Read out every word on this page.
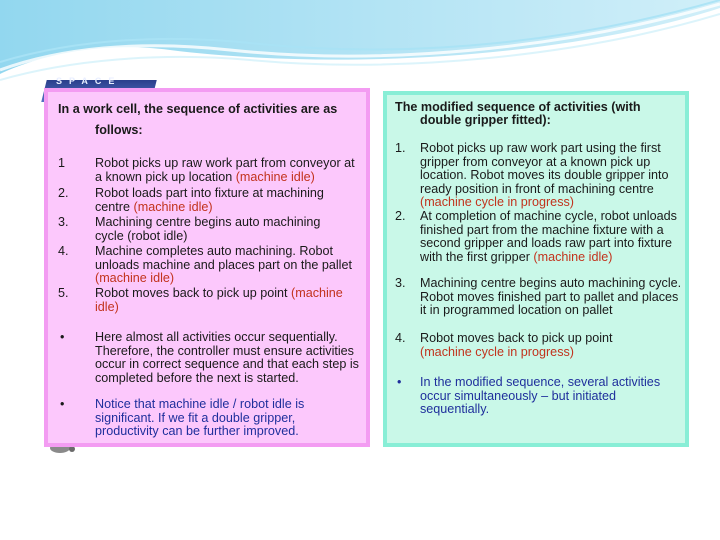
SPACE
In a work cell, the sequence of activities are as
follows:
1	Robot picks up raw work part from conveyor at a known pick up location (machine idle)
2.	Robot loads part into fixture at machining centre (machine idle)
3.	Machining centre begins auto machining cycle (robot idle)
4.	Machine completes auto machining. Robot unloads machine and places part on the pallet (machine idle)
5.	Robot moves back to pick up point (machine idle)
•	Here almost all activities occur sequentially. Therefore, the controller must ensure activities occur in correct sequence and that each step is completed before the next is started.
•	Notice that machine idle / robot idle is significant. If we fit a double gripper, productivity can be further improved.
The modified sequence of activities (with
double gripper fitted):
1.	Robot picks up raw work part using the first gripper from conveyor at a known pick up location. Robot moves its double gripper into ready position in front of machining centre (machine cycle in progress)
2.	At completion of machine cycle, robot unloads finished part from the machine fixture with a second gripper and loads raw part into fixture with the first gripper (machine idle)
3.	Machining centre begins auto machining cycle. Robot moves finished part to pallet and places it in programmed location on pallet
4.	Robot moves back to pick up point (machine cycle in progress)
•	In the modified sequence, several activities occur simultaneously – but initiated sequentially.
